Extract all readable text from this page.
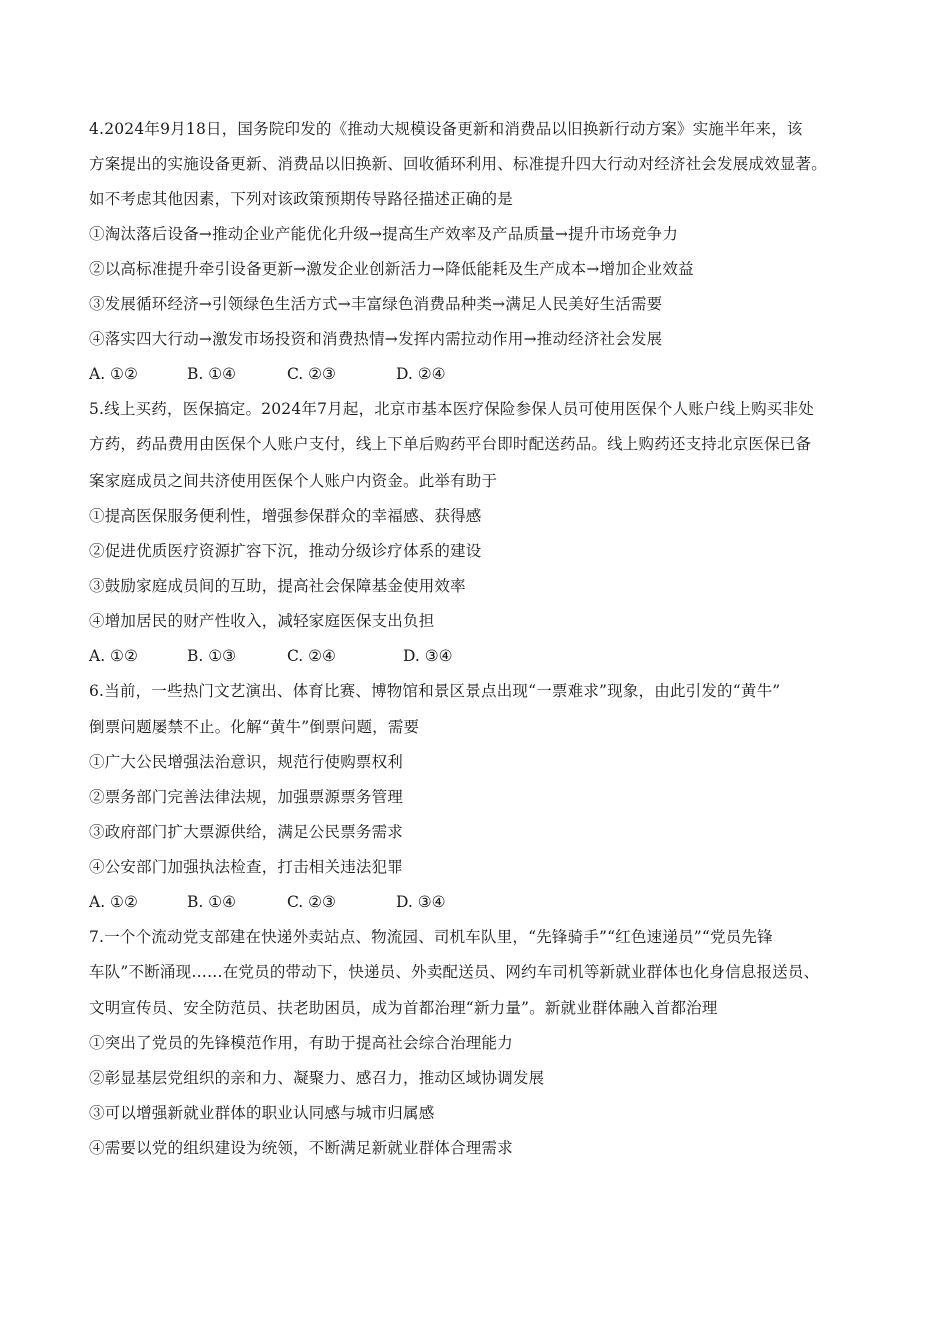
4.2024年9月18日，国务院印发的《推动大规模设备更新和消费品以旧换新行动方案》实施半年来，该
方案提出的实施设备更新、消费品以旧换新、回收循环利用、标准提升四大行动对经济社会发展成效显著。
如不考虑其他因素，下列对该政策预期传导路径描述正确的是
①淘汰落后设备→推动企业产能优化升级→提高生产效率及产品质量→提升市场竞争力
②以高标准提升牵引设备更新→激发企业创新活力→降低能耗及生产成本→增加企业效益
③发展循环经济→引领绿色生活方式→丰富绿色消费品种类→满足人民美好生活需要
④落实四大行动→激发市场投资和消费热情→发挥内需拉动作用→推动经济社会发展
A. ①②	B. ①④	C. ②③	D. ②④
5.线上买药，医保搞定。2024年7月起，北京市基本医疗保险参保人员可使用医保个人账户线上购买非处
方药，药品费用由医保个人账户支付，线上下单后购药平台即时配送药品。线上购药还支持北京医保已备
案家庭成员之间共济使用医保个人账户内资金。此举有助于
①提高医保服务便利性，增强参保群众的幸福感、获得感
②促进优质医疗资源扩容下沉，推动分级诊疗体系的建设
③鼓励家庭成员间的互助，提高社会保障基金使用效率
④增加居民的财产性收入，减轻家庭医保支出负担
A. ①②	B. ①③	C. ②④	D. ③④
6.当前，一些热门文艺演出、体育比赛、博物馆和景区景点出现“一票难求”现象，由此引发的“黄牛”
倒票问题屡禁不止。化解“黄牛”倒票问题，需要
①广大公民增强法治意识，规范行使购票权利
②票务部门完善法律法规，加强票源票务管理
③政府部门扩大票源供给，满足公民票务需求
④公安部门加强执法检查，打击相关违法犯罪
A. ①②	B. ①④	C. ②③	D. ③④
7.一个个流动党支部建在快递外卖站点、物流园、司机车队里，“先锋骑手”“红色速递员”“党员先锋
车队”不断涌现……在党员的带动下，快递员、外卖配送员、网约车司机等新就业群体也化身信息报送员、
文明宣传员、安全防范员、扶老助困员，成为首都治理“新力量”。新就业群体融入首都治理
①突出了党员的先锋模范作用，有助于提高社会综合治理能力
②彰显基层党组织的亲和力、凝聚力、感召力，推动区域协调发展
③可以增强新就业群体的职业认同感与城市归属感
④需要以党的组织建设为统领，不断满足新就业群体合理需求
